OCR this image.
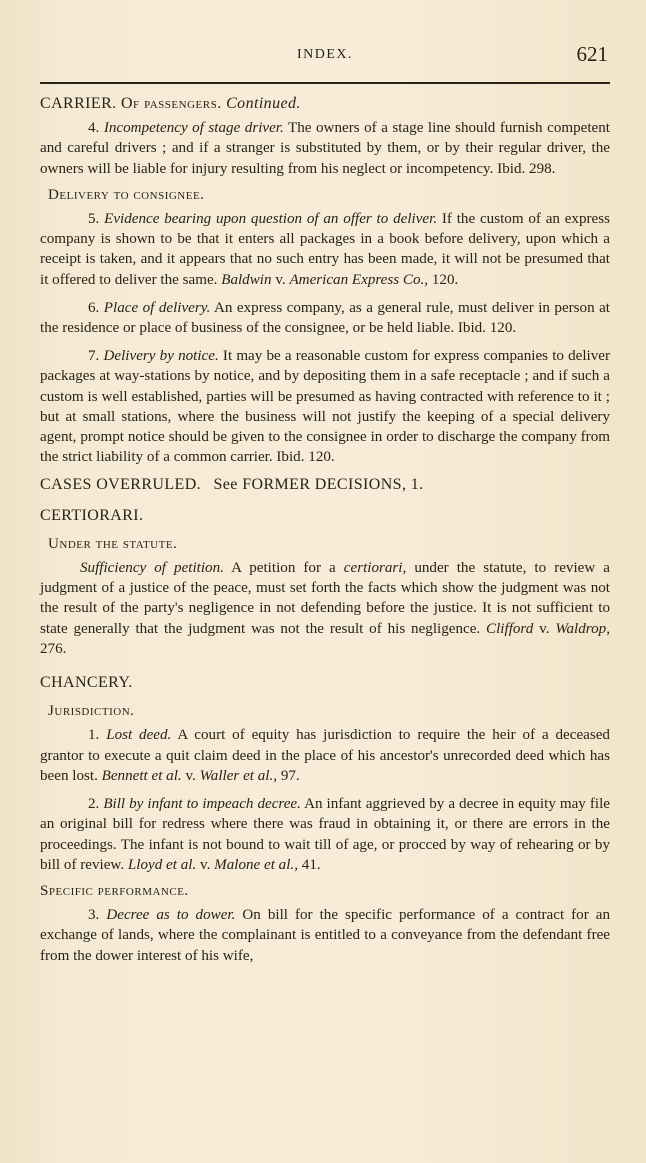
INDEX.	621

CARRIER. Of passengers. Continued.

4. Incompetency of stage driver. The owners of a stage line should furnish competent and careful drivers ; and if a stranger is substituted by them, or by their regular driver, the owners will be liable for injury resulting from his neglect or incompetency. Ibid. 298.

Delivery to consignee.

5. Evidence bearing upon question of an offer to deliver. If the custom of an express company is shown to be that it enters all packages in a book before delivery, upon which a receipt is taken, and it appears that no such entry has been made, it will not be presumed that it offered to deliver the same. Baldwin v. American Express Co., 120.

6. Place of delivery. An express company, as a general rule, must deliver in person at the residence or place of business of the consignee, or be held liable. Ibid. 120.

7. Delivery by notice. It may be a reasonable custom for express companies to deliver packages at way-stations by notice, and by depositing them in a safe receptacle ; and if such a custom is well established, parties will be presumed as having contracted with reference to it ; but at small stations, where the business will not justify the keeping of a special delivery agent, prompt notice should be given to the consignee in order to discharge the company from the strict liability of a common carrier. Ibid. 120.

CASES OVERRULED. See FORMER DECISIONS, 1.

CERTIORARI.

Under the statute.

Sufficiency of petition. A petition for a certiorari, under the statute, to review a judgment of a justice of the peace, must set forth the facts which show the judgment was not the result of the party's negligence in not defending before the justice. It is not sufficient to state generally that the judgment was not the result of his negligence. Clifford v. Waldrop, 276.

CHANCERY.

Jurisdiction.

1. Lost deed. A court of equity has jurisdiction to require the heir of a deceased grantor to execute a quit claim deed in the place of his ancestor's unrecorded deed which has been lost. Bennett et al. v. Waller et al., 97.

2. Bill by infant to impeach decree. An infant aggrieved by a decree in equity may file an original bill for redress where there was fraud in obtaining it, or there are errors in the proceedings. The infant is not bound to wait till of age, or procced by way of rehearing or by bill of review. Lloyd et al. v. Malone et al., 41.

Specific performance.

3. Decree as to dower. On bill for the specific performance of a contract for an exchange of lands, where the complainant is entitled to a conveyance from the defendant free from the dower interest of his wife,
